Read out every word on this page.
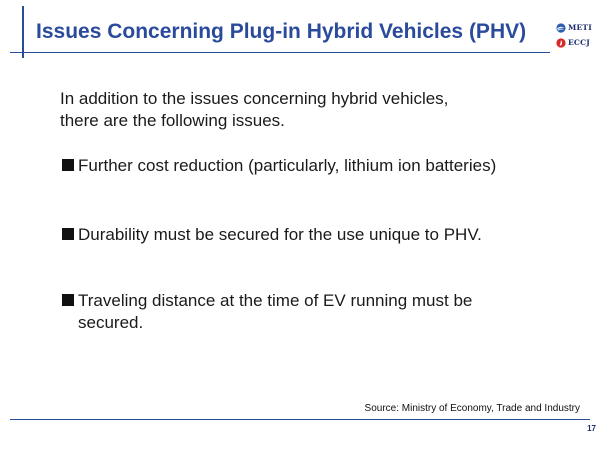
Issues Concerning Plug-in Hybrid Vehicles (PHV)	METI
ECCJ
In addition to the issues concerning hybrid vehicles,
there are the following issues.
Further cost reduction (particularly, lithium ion batteries)
Durability must be secured for the use unique to PHV.
Traveling distance at the time of EV running must be
secured.
Source: Ministry of Economy, Trade and Industry
17
